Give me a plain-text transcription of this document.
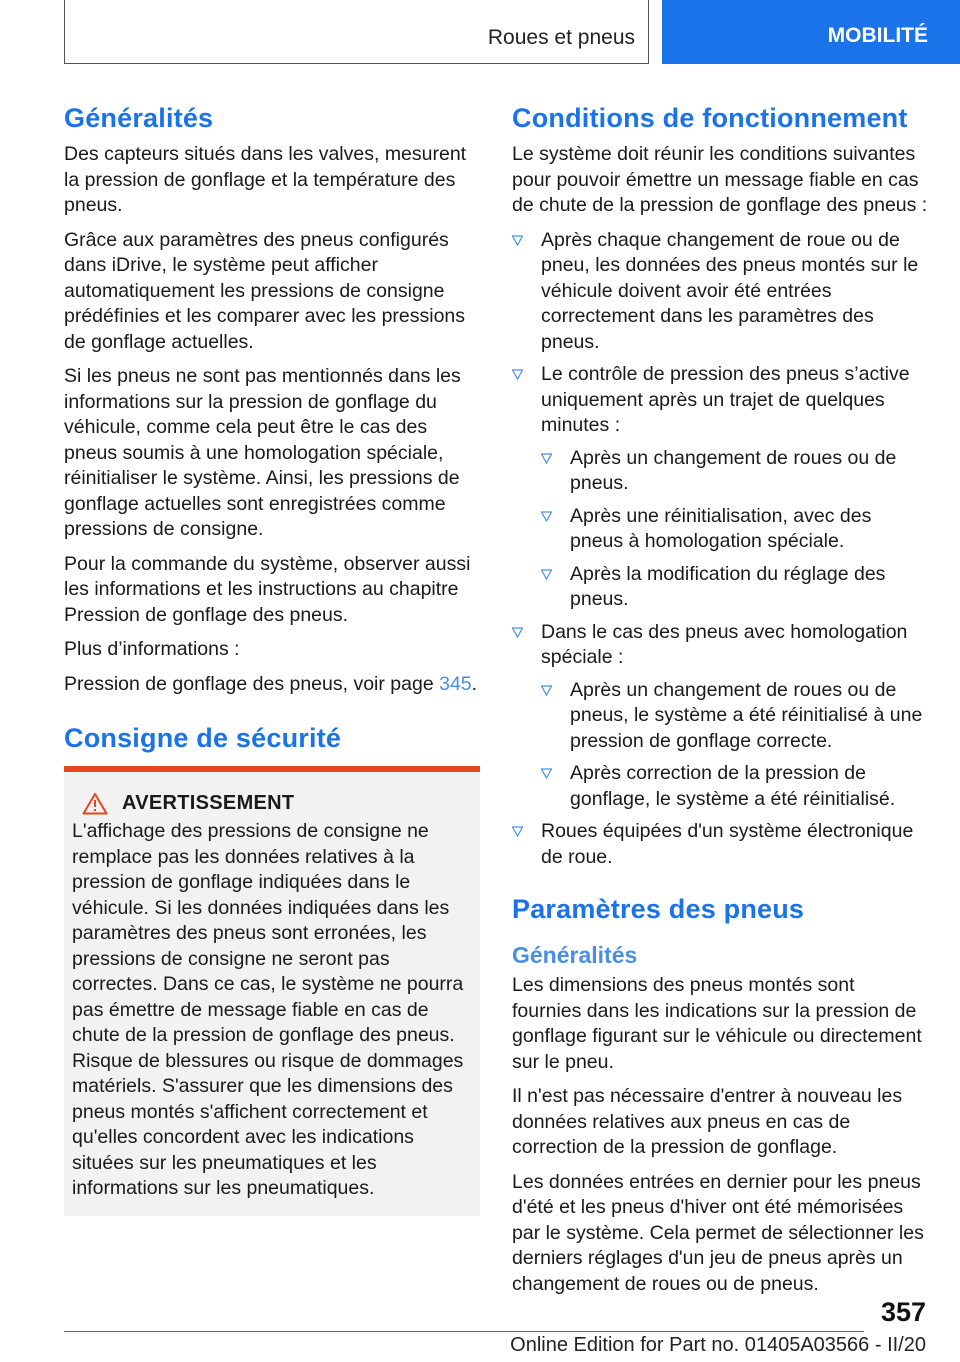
Roues et pneus	MOBILITÉ
Généralités

Des capteurs situés dans les valves, mesurent la pression de gonflage et la température des pneus.

Grâce aux paramètres des pneus configurés dans iDrive, le système peut afficher automatiquement les pressions de consigne prédéfinies et les comparer avec les pressions de gonflage actuelles.

Si les pneus ne sont pas mentionnés dans les informations sur la pression de gonflage du véhicule, comme cela peut être le cas des pneus soumis à une homologation spéciale, réinitialiser le système. Ainsi, les pressions de gonflage actuelles sont enregistrées comme pressions de consigne.

Pour la commande du système, observer aussi les informations et les instructions au chapitre Pression de gonflage des pneus.

Plus d’informations :

Pression de gonflage des pneus, voir page 345.

Consigne de sécurité
AVERTISSEMENT

L'affichage des pressions de consigne ne remplace pas les données relatives à la pression de gonflage indiquées dans le véhicule. Si les données indiquées dans les paramètres des pneus sont erronées, les pressions de consigne ne seront pas correctes. Dans ce cas, le système ne pourra pas émettre de message fiable en cas de chute de la pression de gonflage des pneus. Risque de blessures ou risque de dommages matériels. S'assurer que les dimensions des pneus montés s'affichent correctement et qu'elles concordent avec les indications situées sur les pneumatiques et les informations sur les pneumatiques.

Conditions de fonctionnement

Le système doit réunir les conditions suivantes pour pouvoir émettre un message fiable en cas de chute de la pression de gonflage des pneus :

Après chaque changement de roue ou de pneu, les données des pneus montés sur le véhicule doivent avoir été entrées correctement dans les paramètres des pneus.
Le contrôle de pression des pneus s’active uniquement après un trajet de quelques minutes :
Après un changement de roues ou de pneus.
Après une réinitialisation, avec des pneus à homologation spéciale.
Après la modification du réglage des pneus.
Dans le cas des pneus avec homologation spéciale :
Après un changement de roues ou de pneus, le système a été réinitialisé à une pression de gonflage correcte.
Après correction de la pression de gonflage, le système a été réinitialisé.
Roues équipées d'un système électronique de roue.
Paramètres des pneus
Généralités

Les dimensions des pneus montés sont fournies dans les indications sur la pression de gonflage figurant sur le véhicule ou directement sur le pneu.

Il n'est pas nécessaire d'entrer à nouveau les données relatives aux pneus en cas de correction de la pression de gonflage.

Les données entrées en dernier pour les pneus d'été et les pneus d'hiver ont été mémorisées par le système. Cela permet de sélectionner les derniers réglages d'un jeu de pneus après un changement de roues ou de pneus.

357
Online Edition for Part no. 01405A03566 - II/20
